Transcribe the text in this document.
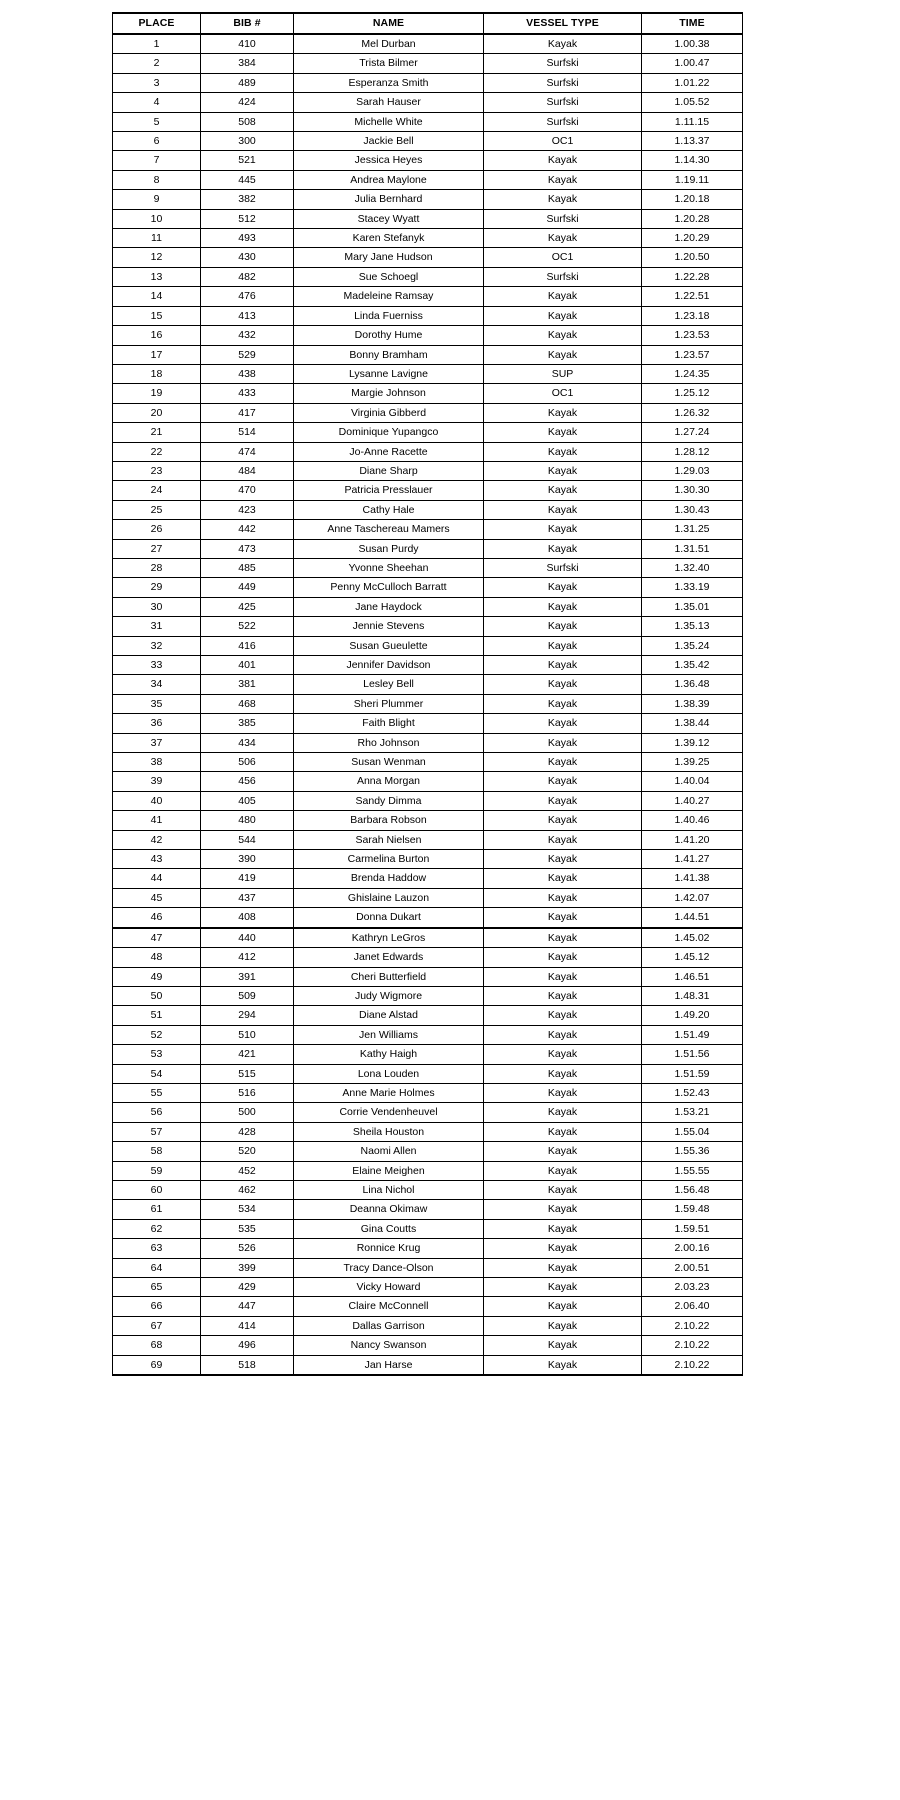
PLACE	BIB #	NAME	VESSEL TYPE	TIME
1	410	Mel Durban	Kayak	1.00.38
2	384	Trista Bilmer	Surfski	1.00.47
3	489	Esperanza Smith	Surfski	1.01.22
4	424	Sarah Hauser	Surfski	1.05.52
5	508	Michelle White	Surfski	1.11.15
6	300	Jackie Bell	OC1	1.13.37
7	521	Jessica Heyes	Kayak	1.14.30
8	445	Andrea Maylone	Kayak	1.19.11
9	382	Julia Bernhard	Kayak	1.20.18
10	512	Stacey Wyatt	Surfski	1.20.28
11	493	Karen Stefanyk	Kayak	1.20.29
12	430	Mary Jane Hudson	OC1	1.20.50
13	482	Sue Schoegl	Surfski	1.22.28
14	476	Madeleine Ramsay	Kayak	1.22.51
15	413	Linda Fuerniss	Kayak	1.23.18
16	432	Dorothy Hume	Kayak	1.23.53
17	529	Bonny Bramham	Kayak	1.23.57
18	438	Lysanne Lavigne	SUP	1.24.35
19	433	Margie Johnson	OC1	1.25.12
20	417	Virginia Gibberd	Kayak	1.26.32
21	514	Dominique Yupangco	Kayak	1.27.24
22	474	Jo-Anne Racette	Kayak	1.28.12
23	484	Diane Sharp	Kayak	1.29.03
24	470	Patricia Presslauer	Kayak	1.30.30
25	423	Cathy Hale	Kayak	1.30.43
26	442	Anne Taschereau Mamers	Kayak	1.31.25
27	473	Susan Purdy	Kayak	1.31.51
28	485	Yvonne Sheehan	Surfski	1.32.40
29	449	Penny McCulloch Barratt	Kayak	1.33.19
30	425	Jane Haydock	Kayak	1.35.01
31	522	Jennie Stevens	Kayak	1.35.13
32	416	Susan Gueulette	Kayak	1.35.24
33	401	Jennifer Davidson	Kayak	1.35.42
34	381	Lesley Bell	Kayak	1.36.48
35	468	Sheri Plummer	Kayak	1.38.39
36	385	Faith Blight	Kayak	1.38.44
37	434	Rho Johnson	Kayak	1.39.12
38	506	Susan Wenman	Kayak	1.39.25
39	456	Anna Morgan	Kayak	1.40.04
40	405	Sandy Dimma	Kayak	1.40.27
41	480	Barbara Robson	Kayak	1.40.46
42	544	Sarah Nielsen	Kayak	1.41.20
43	390	Carmelina Burton	Kayak	1.41.27
44	419	Brenda Haddow	Kayak	1.41.38
45	437	Ghislaine Lauzon	Kayak	1.42.07
46	408	Donna Dukart	Kayak	1.44.51
47	440	Kathryn LeGros	Kayak	1.45.02
48	412	Janet Edwards	Kayak	1.45.12
49	391	Cheri Butterfield	Kayak	1.46.51
50	509	Judy Wigmore	Kayak	1.48.31
51	294	Diane Alstad	Kayak	1.49.20
52	510	Jen Williams	Kayak	1.51.49
53	421	Kathy Haigh	Kayak	1.51.56
54	515	Lona Louden	Kayak	1.51.59
55	516	Anne Marie Holmes	Kayak	1.52.43
56	500	Corrie Vendenheuvel	Kayak	1.53.21
57	428	Sheila Houston	Kayak	1.55.04
58	520	Naomi Allen	Kayak	1.55.36
59	452	Elaine Meighen	Kayak	1.55.55
60	462	Lina Nichol	Kayak	1.56.48
61	534	Deanna Okimaw	Kayak	1.59.48
62	535	Gina Coutts	Kayak	1.59.51
63	526	Ronnice Krug	Kayak	2.00.16
64	399	Tracy Dance-Olson	Kayak	2.00.51
65	429	Vicky Howard	Kayak	2.03.23
66	447	Claire McConnell	Kayak	2.06.40
67	414	Dallas Garrison	Kayak	2.10.22
68	496	Nancy Swanson	Kayak	2.10.22
69	518	Jan Harse	Kayak	2.10.22
